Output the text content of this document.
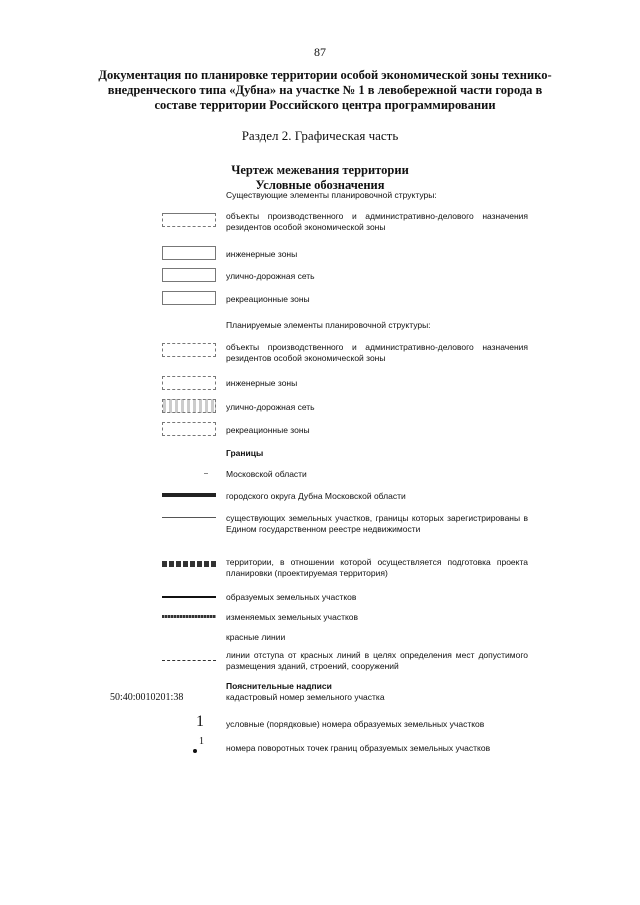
87
Документация по планировке территории особой экономической зоны технико-внедренческого типа «Дубна» на участке № 1 в левобережной части города в составе территории Российского центра программировании
Раздел 2. Графическая часть
Чертеж межевания территории
Условные обозначения
Существующие элементы планировочной структуры:
объекты производственного и административно-делового назначения резидентов особой экономической зоны
инженерные зоны
улично-дорожная сеть
рекреационные зоны
Планируемые элементы планировочной структуры:
объекты производственного и административно-делового назначения резидентов особой экономической зоны
инженерные зоны
улично-дорожная сеть
рекреационные зоны
Границы
Московской области
городского округа Дубна Московской области
существующих земельных участков, границы которых зарегистрированы в Едином государственном реестре недвижимости
территории, в отношении которой осуществляется подготовка проекта планировки (проектируемая территория)
образуемых земельных участков
изменяемых земельных участков
красные линии
линии отступа от красных линий в целях определения мест допустимого размещения зданий, строений, сооружений
Пояснительные надписи
50:40:0010201:38	кадастровый номер земельного участка
1	условные (порядковые) номера образуемых земельных участков
1
номера поворотных точек границ образуемых земельных участков
